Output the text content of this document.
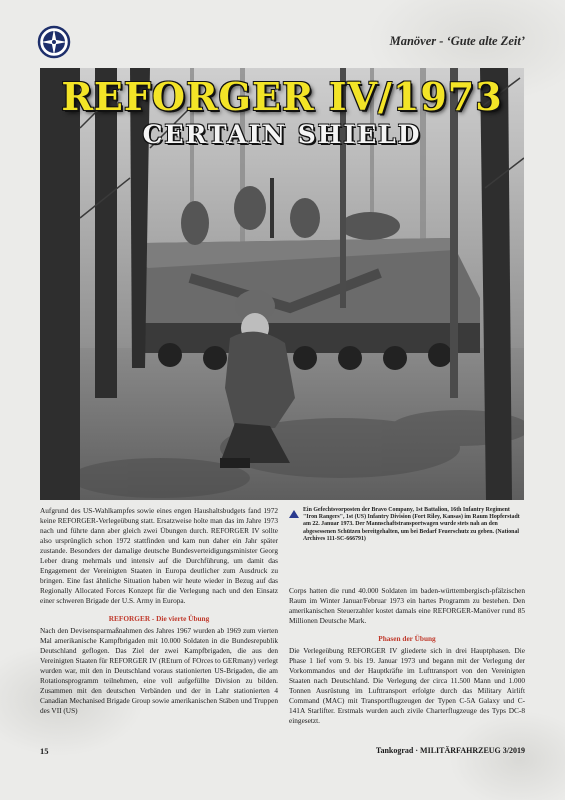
Manöver - ‘Gute alte Zeit’
REFORGER IV/1973
CERTAIN SHIELD
Ein Gefechtsvorposten der Bravo Company, 1st Battalion, 16th Infantry Regiment "Iron Rangers", 1st (US) Infantry Division (Fort Riley, Kansas) im Raum Hopferstadt am 22. Januar 1973. Der Mannschaftstransportwagen wurde stets nah an den abgesessenen Schützen bereitgehalten, um bei Bedarf Feuerschutz zu geben. (National Archives 111-SC-666791)

Aufgrund des US-Wahlkampfes sowie eines engen Haushaltsbudgets fand 1972 keine REFORGER-Verlegeübung statt. Ersatzweise holte man das im Jahre 1973 nach und führte dann aber gleich zwei Übungen durch. REFORGER IV sollte also ursprünglich schon 1972 stattfinden und kam nun daher ein Jahr später zustande. Besonders der damalige deutsche Bundesverteidigungsminister Georg Leber drang mehrmals und intensiv auf die Durchführung, um damit das Engagement der Vereinigten Staaten in Europa deutlicher zum Ausdruck zu bringen. Eine fast ähnliche Situation haben wir heute wieder in Bezug auf das Regionally Allocated Forces Konzept für die Verlegung nach und den Einsatz einer schweren Brigade der U.S. Army in Europa.

REFORGER - Die vierte Übung

Nach den Devisensparmaßnahmen des Jahres 1967 wurden ab 1969 zum vierten Mal amerikanische Kampfbrigaden mit 10.000 Soldaten in die Bundesrepublik Deutschland geflogen. Das Ziel der zwei Kampfbrigaden, die aus den Vereinigten Staaten für REFORGER IV (REturn of FOrces to GERmany) verlegt wurden war, mit den in Deutschland voraus stationierten US-Brigaden, die am Rotationsprogramm teilnehmen, eine voll aufgefüllte Division zu bilden. Zusammen mit den deutschen Verbänden und der in Lahr stationierten 4 Canadian Mechanised Brigade Group sowie amerikanischen Stäben und Truppen des VII (US)

Corps hatten die rund 40.000 Soldaten im baden-württembergisch-pfälzischen Raum im Winter Januar/Februar 1973 ein hartes Programm zu bestehen. Den amerikanischen Steuerzahler kostet damals eine REFORGER-Manöver rund 85 Millionen Deutsche Mark.

Phasen der Übung

Die Verlegeübung REFORGER IV gliederte sich in drei Hauptphasen. Die Phase 1 lief vom 9. bis 19. Januar 1973 und begann mit der Verlegung der Vorkommandos und der Hauptkräfte im Lufttransport von den Vereinigten Staaten nach Deutschland. Die Verlegung der circa 11.500 Mann und 1.000 Tonnen Ausrüstung im Lufttransport erfolgte durch das Military Airlift Command (MAC) mit Transportflugzeugen der Typen C-5A Galaxy und C-141A Starlifter. Erstmals wurden auch zivile Charterflugzeuge des Typs DC-8 eingesetzt.

15	Tankograd · MILITÄRFAHRZEUG 3/2019
